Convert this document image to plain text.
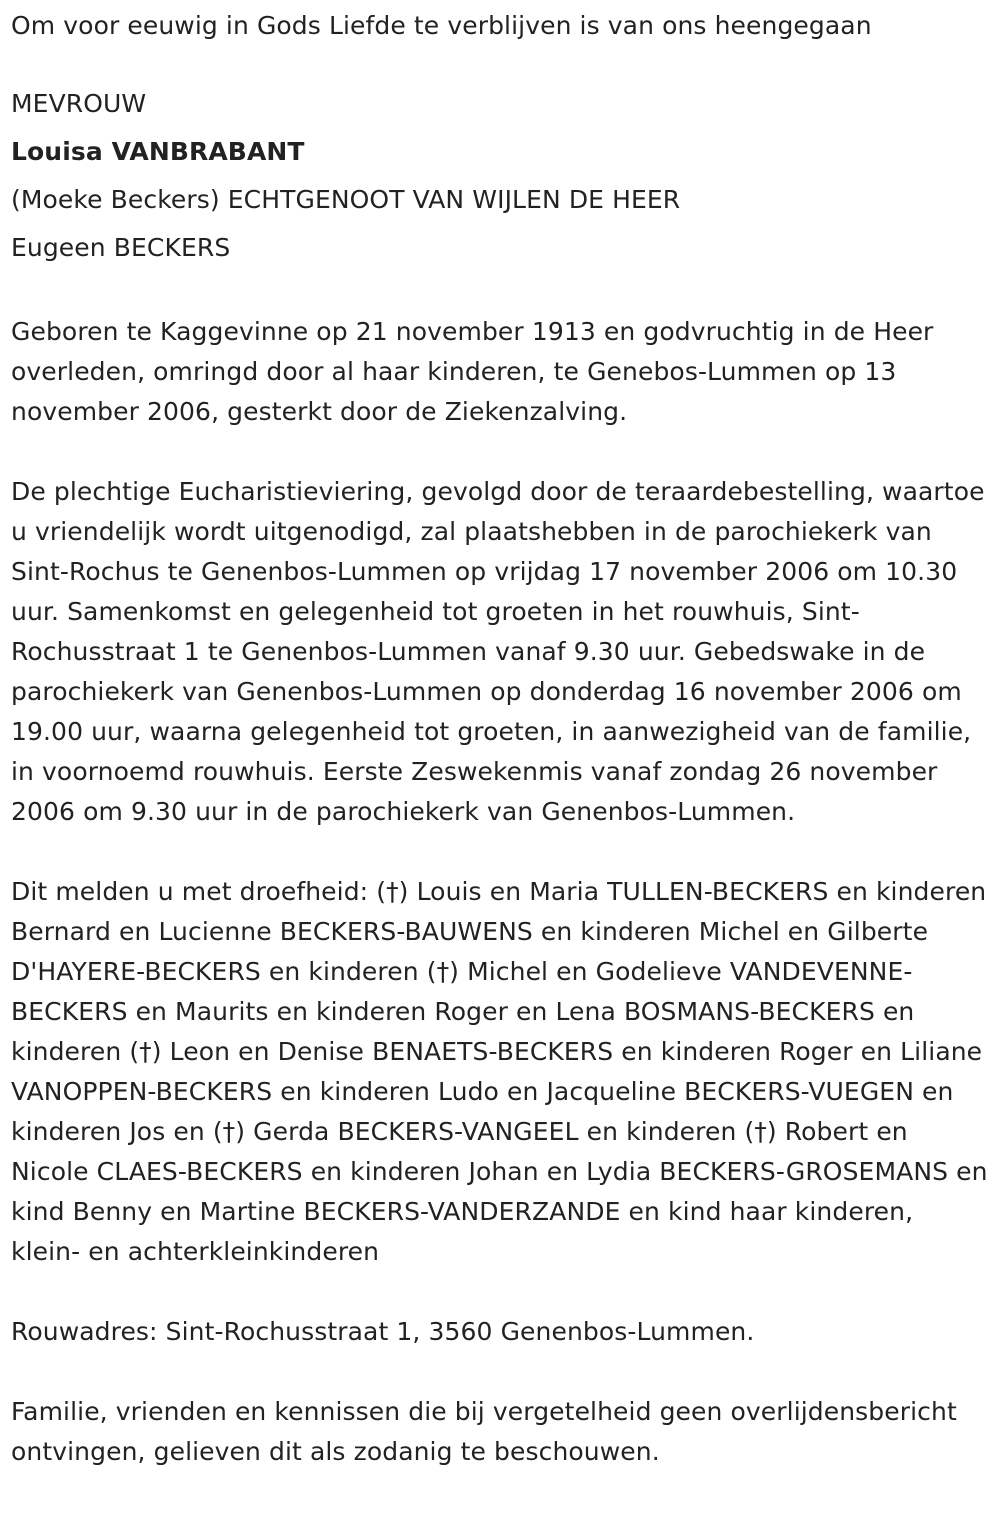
Om voor eeuwig in Gods Liefde te verblijven is van ons heengegaan

MEVROUW

Louisa VANBRABANT

(Moeke Beckers) ECHTGENOOT VAN WIJLEN DE HEER

Eugeen BECKERS

Geboren te Kaggevinne op 21 november 1913 en godvruchtig in de Heer overleden, omringd door al haar kinderen, te Genebos-Lummen op 13 november 2006, gesterkt door de Ziekenzalving.

De plechtige Eucharistieviering, gevolgd door de teraardebestelling, waartoe u vriendelijk wordt uitgenodigd, zal plaatshebben in de parochiekerk van Sint-Rochus te Genenbos-Lummen op vrijdag 17 november 2006 om 10.30 uur. Samenkomst en gelegenheid tot groeten in het rouwhuis, Sint-Rochusstraat 1 te Genenbos-Lummen vanaf 9.30 uur. Gebedswake in de parochiekerk van Genenbos-Lummen op donderdag 16 november 2006 om 19.00 uur, waarna gelegenheid tot groeten, in aanwezigheid van de familie, in voornoemd rouwhuis. Eerste Zeswekenmis vanaf zondag 26 november 2006 om 9.30 uur in de parochiekerk van Genenbos-Lummen.

Dit melden u met droefheid: (†) Louis en Maria TULLEN-BECKERS en kinderen Bernard en Lucienne BECKERS-BAUWENS en kinderen Michel en Gilberte D'HAYERE-BECKERS en kinderen (†) Michel en Godelieve VANDEVENNE-BECKERS en Maurits en kinderen Roger en Lena BOSMANS-BECKERS en kinderen (†) Leon en Denise BENAETS-BECKERS en kinderen Roger en Liliane VANOPPEN-BECKERS en kinderen Ludo en Jacqueline BECKERS-VUEGEN en kinderen Jos en (†) Gerda BECKERS-VANGEEL en kinderen (†) Robert en Nicole CLAES-BECKERS en kinderen Johan en Lydia BECKERS-GROSEMANS en kind Benny en Martine BECKERS-VANDERZANDE en kind haar kinderen, klein- en achterkleinkinderen

Rouwadres: Sint-Rochusstraat 1, 3560 Genenbos-Lummen.

Familie, vrienden en kennissen die bij vergetelheid geen overlijdensbericht ontvingen, gelieven dit als zodanig te beschouwen.
